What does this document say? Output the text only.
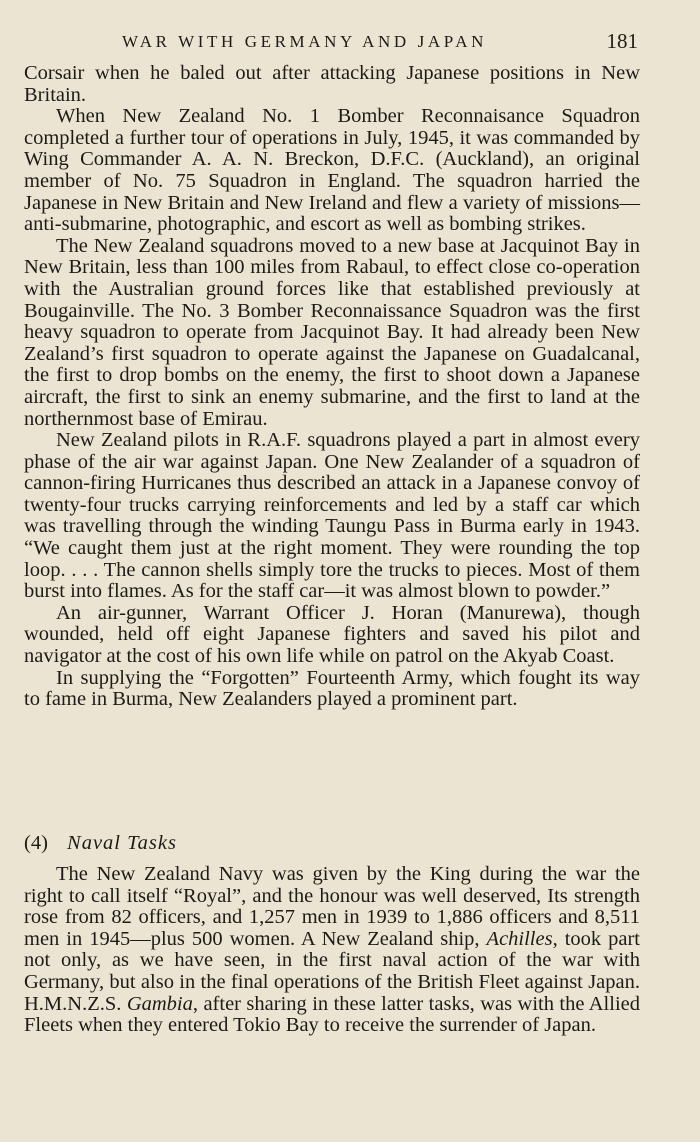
WAR WITH GERMANY AND JAPAN	181

Corsair when he baled out after attacking Japanese positions in New Britain.

When New Zealand No. 1 Bomber Reconnaisance Squadron completed a further tour of operations in July, 1945, it was commanded by Wing Commander A. A. N. Breckon, D.F.C. (Auckland), an original member of No. 75 Squadron in England. The squadron harried the Japanese in New Britain and New Ireland and flew a variety of missions—anti-submarine, photographic, and escort as well as bombing strikes.

The New Zealand squadrons moved to a new base at Jacquinot Bay in New Britain, less than 100 miles from Rabaul, to effect close co-operation with the Australian ground forces like that established previously at Bougainville. The No. 3 Bomber Reconnaissance Squadron was the first heavy squadron to operate from Jacquinot Bay. It had already been New Zealand’s first squadron to operate against the Japanese on Guadalcanal, the first to drop bombs on the enemy, the first to shoot down a Japanese aircraft, the first to sink an enemy submarine, and the first to land at the northernmost base of Emirau.

New Zealand pilots in R.A.F. squadrons played a part in almost every phase of the air war against Japan. One New Zealander of a squadron of cannon-firing Hurricanes thus described an attack in a Japanese convoy of twenty-four trucks carrying reinforcements and led by a staff car which was travelling through the winding Taungu Pass in Burma early in 1943. “We caught them just at the right moment. They were rounding the top loop. . . . The cannon shells simply tore the trucks to pieces. Most of them burst into flames. As for the staff car—it was almost blown to powder.”

An air-gunner, Warrant Officer J. Horan (Manurewa), though wounded, held off eight Japanese fighters and saved his pilot and navigator at the cost of his own life while on patrol on the Akyab Coast.

In supplying the “Forgotten” Fourteenth Army, which fought its way to fame in Burma, New Zealanders played a prominent part.

(4) Naval Tasks

The New Zealand Navy was given by the King during the war the right to call itself “Royal”, and the honour was well deserved, Its strength rose from 82 officers, and 1,257 men in 1939 to 1,886 officers and 8,511 men in 1945—plus 500 women. A New Zealand ship, Achilles, took part not only, as we have seen, in the first naval action of the war with Germany, but also in the final operations of the British Fleet against Japan. H.M.N.Z.S. Gambia, after sharing in these latter tasks, was with the Allied Fleets when they entered Tokio Bay to receive the surrender of Japan.
